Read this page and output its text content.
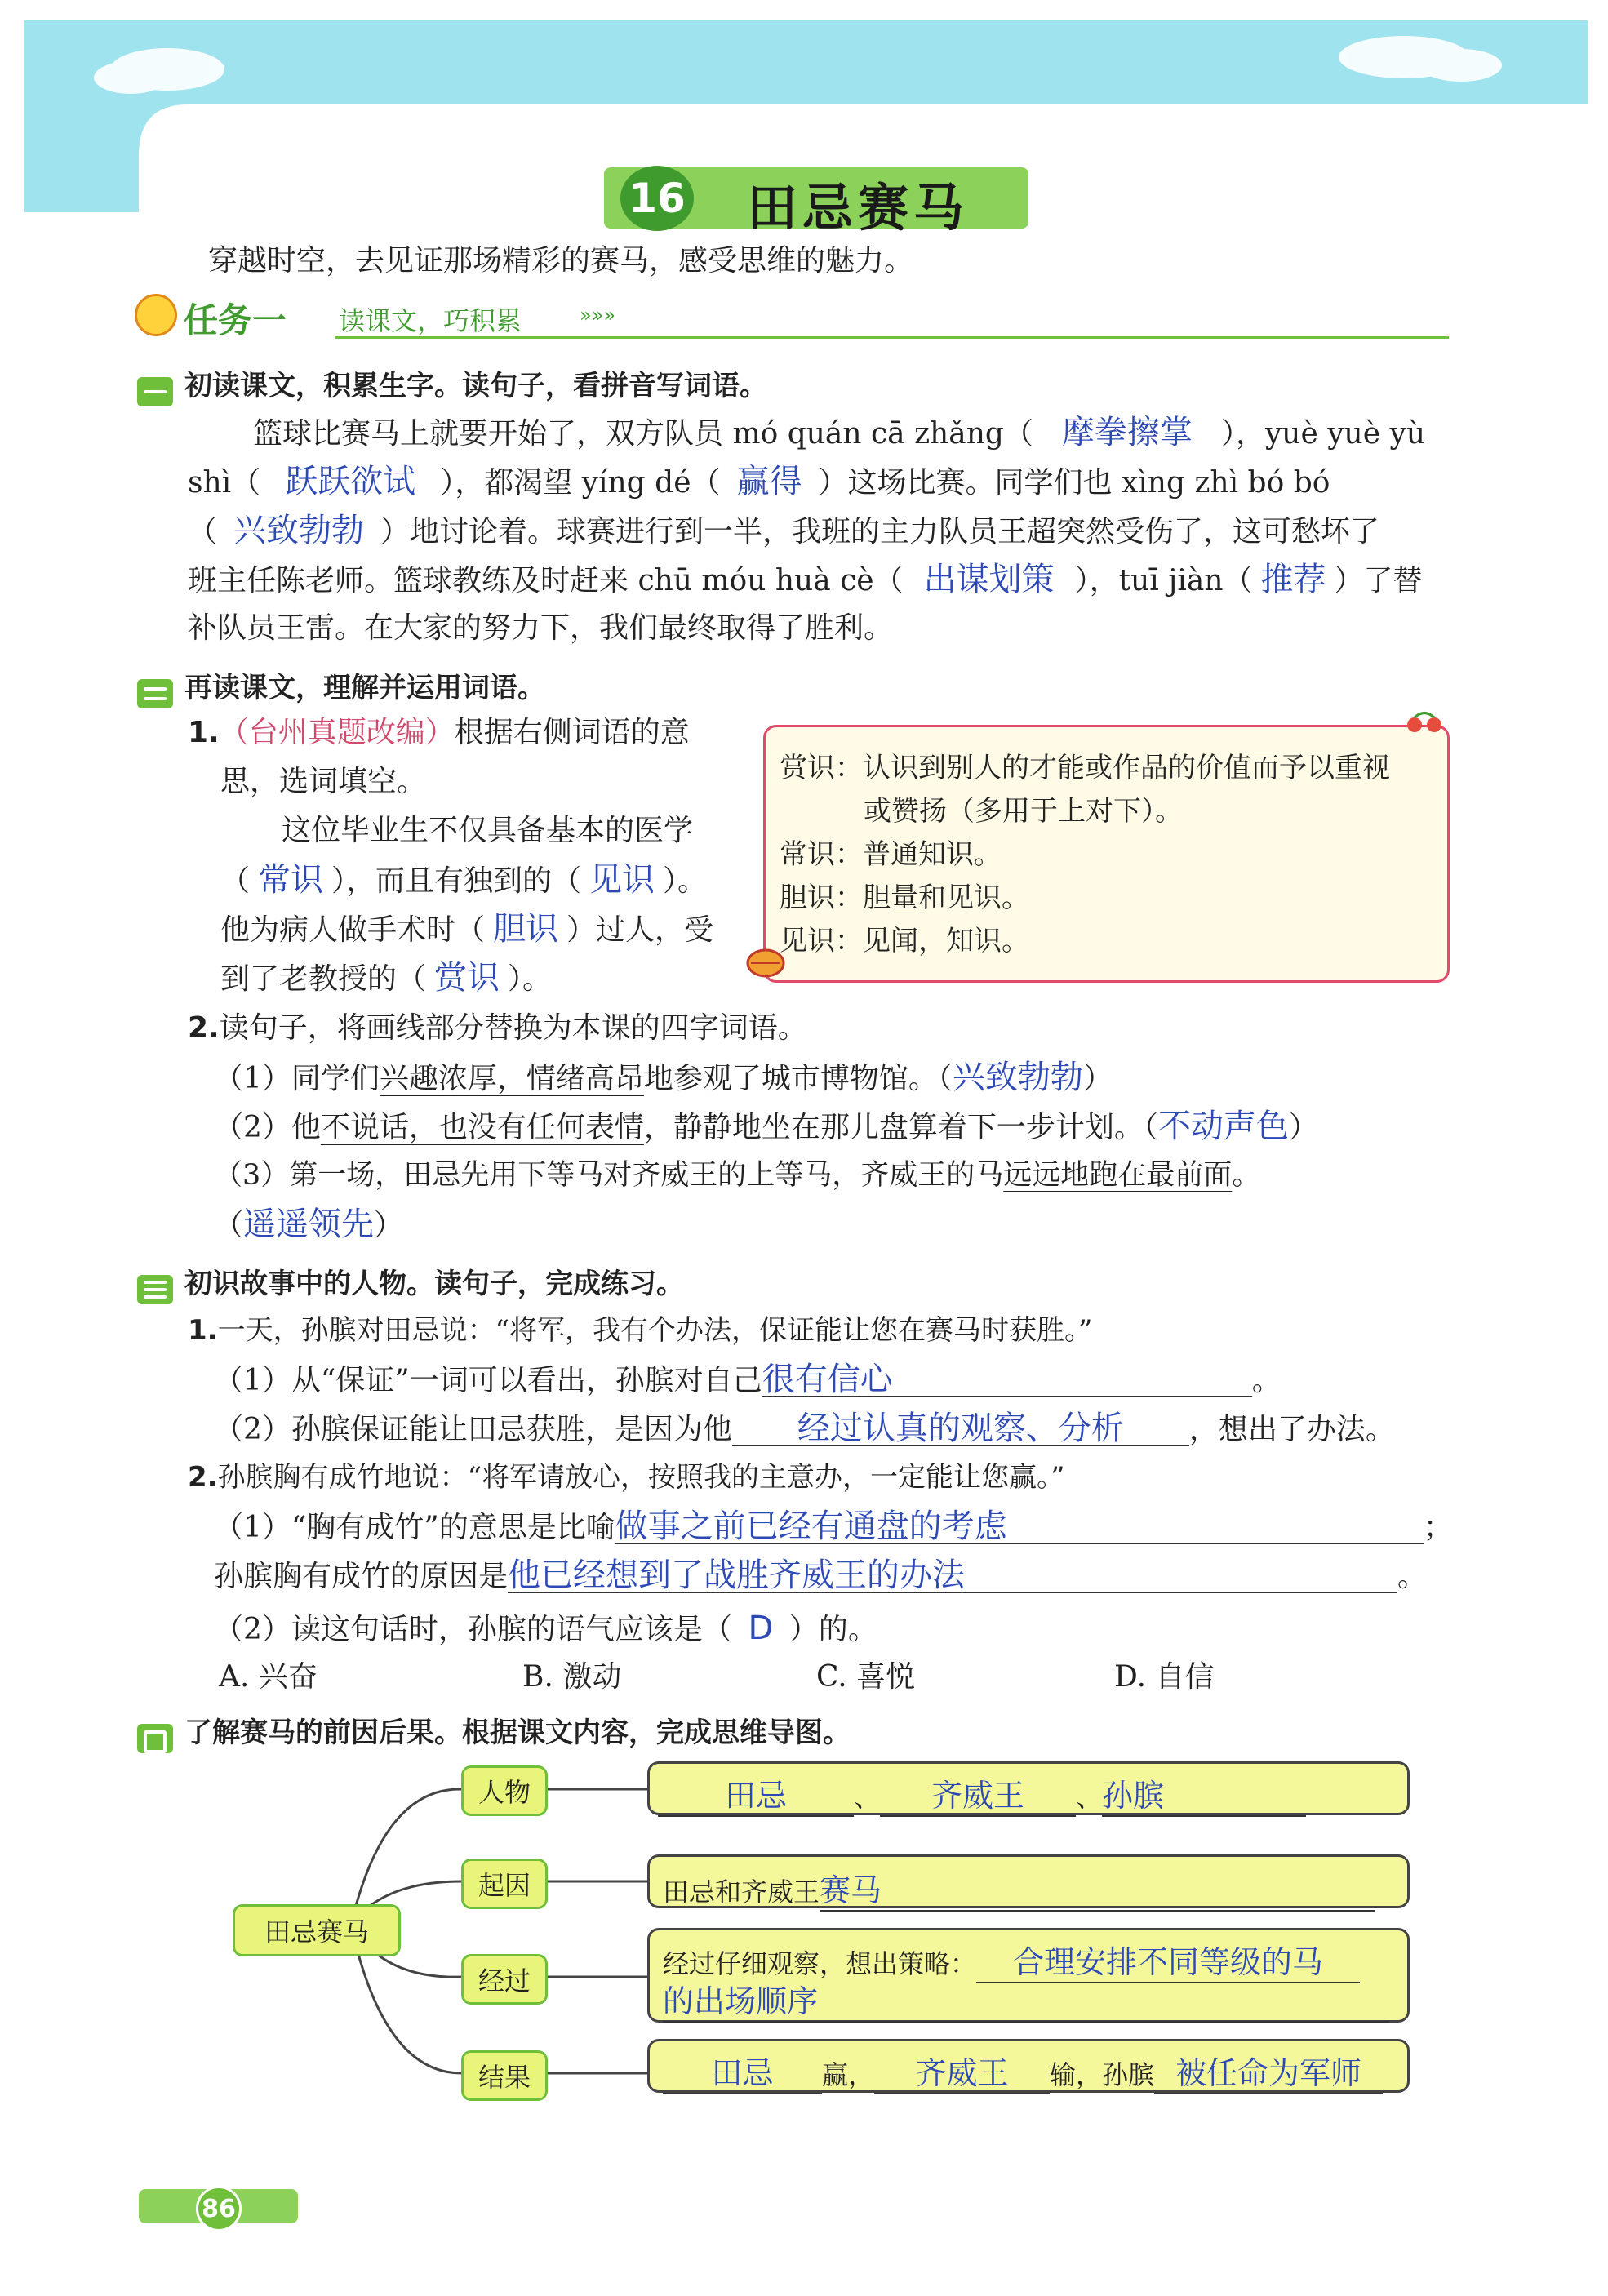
16 田忌赛马
穿越时空，去见证那场精彩的赛马，感受思维的魅力。
任务一 读课文，巧积累	»»»
初读课文，积累生字。读句子，看拼音写词语。
篮球比赛马上就要开始了，双方队员 mó quán cā zhǎng（ 摩拳擦掌 ），yuè yuè yù
shì（ 跃跃欲试 ），都渴望 yíng dé（ 赢得 ）这场比赛。同学们也 xìng zhì bó bó
（ 兴致勃勃 ）地讨论着。球赛进行到一半，我班的主力队员王超突然受伤了，这可愁坏了
班主任陈老师。篮球教练及时赶来 chū móu huà cè（ 出谋划策 ），tuī jiàn（ 推荐 ）了替
补队员王雷。在大家的努力下，我们最终取得了胜利。
再读课文，理解并运用词语。
1.（台州真题改编）根据右侧词语的意
思，选词填空。
这位毕业生不仅具备基本的医学
（ 常识 ），而且有独到的（ 见识 ）。
他为病人做手术时（ 胆识 ）过人，受
到了老教授的（ 赏识 ）。
赏识：认识到别人的才能或作品的价值而予以重视
或赞扬（多用于上对下）。
常识：普通知识。
胆识：胆量和见识。
见识：见闻，知识。
2.读句子，将画线部分替换为本课的四字词语。
（1）同学们兴趣浓厚，情绪高昂地参观了城市博物馆。（兴致勃勃）
（2）他不说话，也没有任何表情，静静地坐在那儿盘算着下一步计划。（不动声色）
（3）第一场，田忌先用下等马对齐威王的上等马，齐威王的马远远地跑在最前面。
（遥遥领先）
初识故事中的人物。读句子，完成练习。
1.一天，孙膑对田忌说：“将军，我有个办法，保证能让您在赛马时获胜。”
（1）从“保证”一词可以看出，孙膑对自己很有信心	。
（2）孙膑保证能让田忌获胜，是因为他 经过认真的观察、分析 ，想出了办法。
2.孙膑胸有成竹地说：“将军请放心，按照我的主意办，一定能让您赢。”
（1）“胸有成竹”的意思是比喻做事之前已经有通盘的考虑	；
孙膑胸有成竹的原因是他已经想到了战胜齐威王的办法	。
（2）读这句话时，孙膑的语气应该是（ D ）的。
A. 兴奋	B. 激动	C. 喜悦	D. 自信
了解赛马的前因后果。根据课文内容，完成思维导图。
田忌赛马
人物
起因
经过
结果
田忌	、 齐威王 、孙膑
田忌和齐威王赛马
经过仔细观察，想出策略： 合理安排不同等级的马
的出场顺序
田忌 赢， 齐威王 输，孙膑 被任命为军师
86
